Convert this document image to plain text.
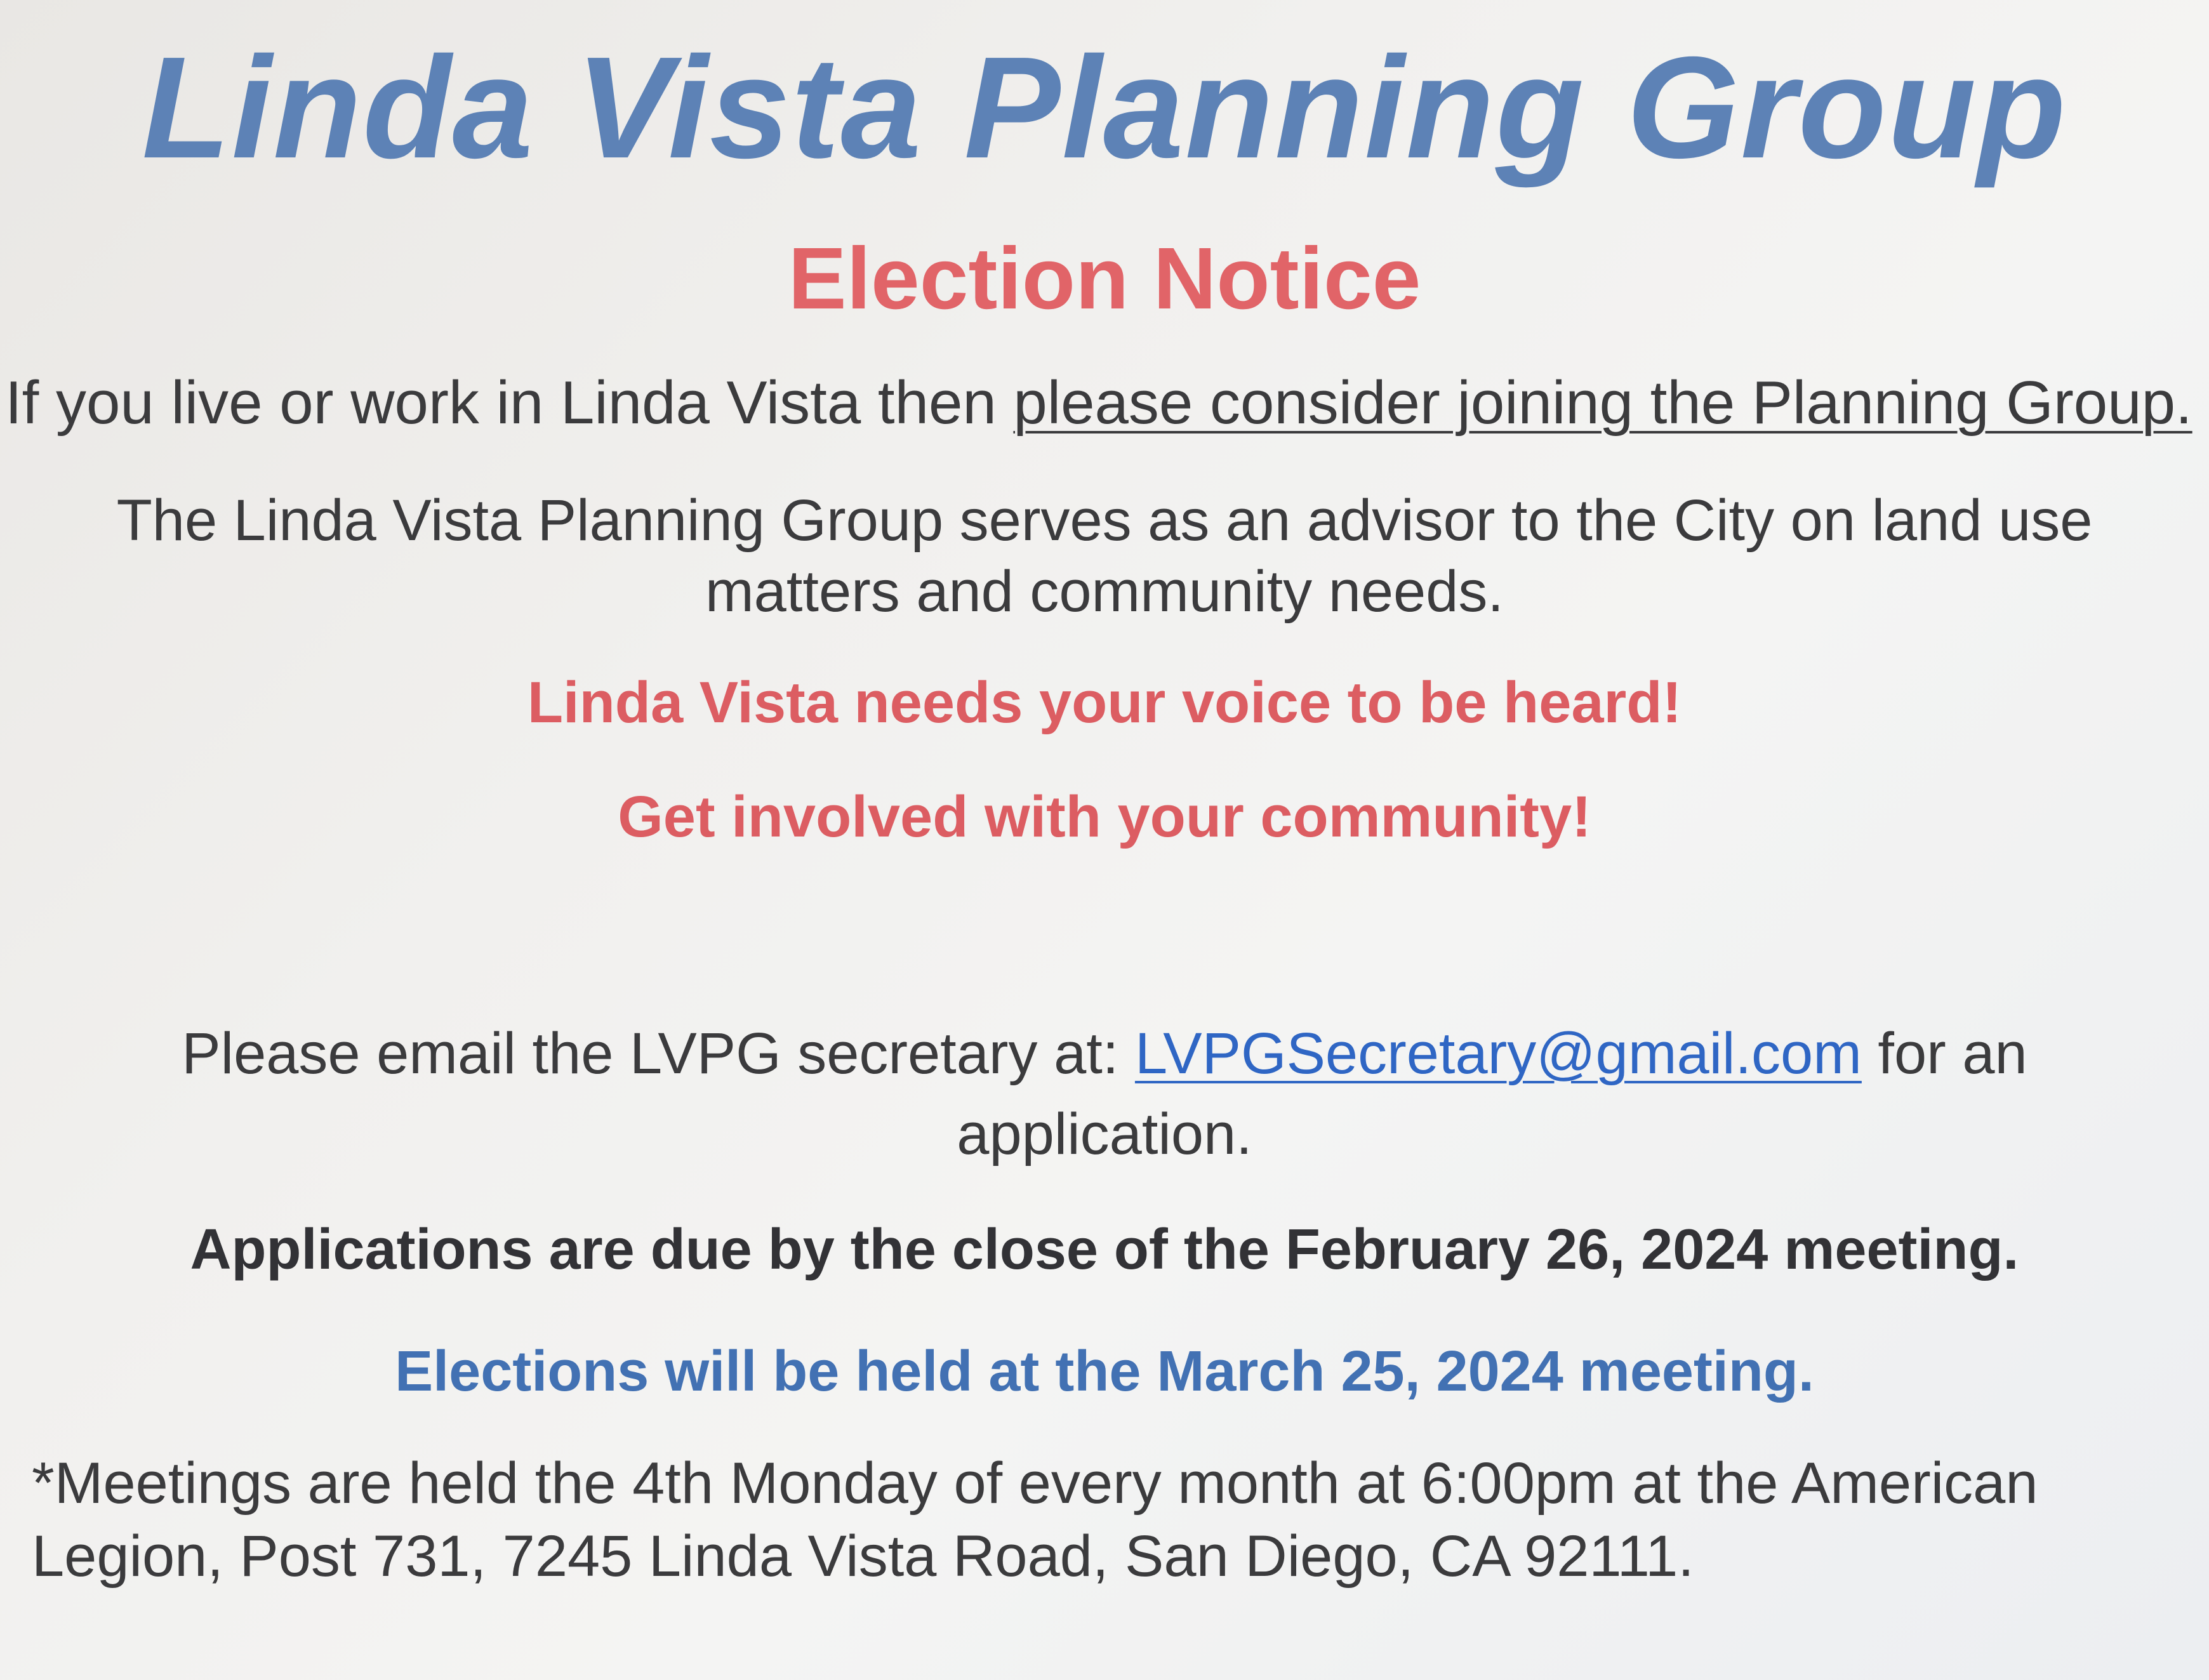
Linda Vista Planning Group
Election Notice

If you live or work in Linda Vista then please consider joining the Planning Group.

The Linda Vista Planning Group serves as an advisor to the City on land use

matters and community needs.

Linda Vista needs your voice to be heard!

Get involved with your community!

Please email the LVPG secretary at: LVPGSecretary@gmail.com for an

application.

Applications are due by the close of the February 26, 2024 meeting.

Elections will be held at the March 25, 2024 meeting.

*Meetings are held the 4th Monday of every month at 6:00pm at the American

Legion, Post 731, 7245 Linda Vista Road, San Diego, CA 92111.
